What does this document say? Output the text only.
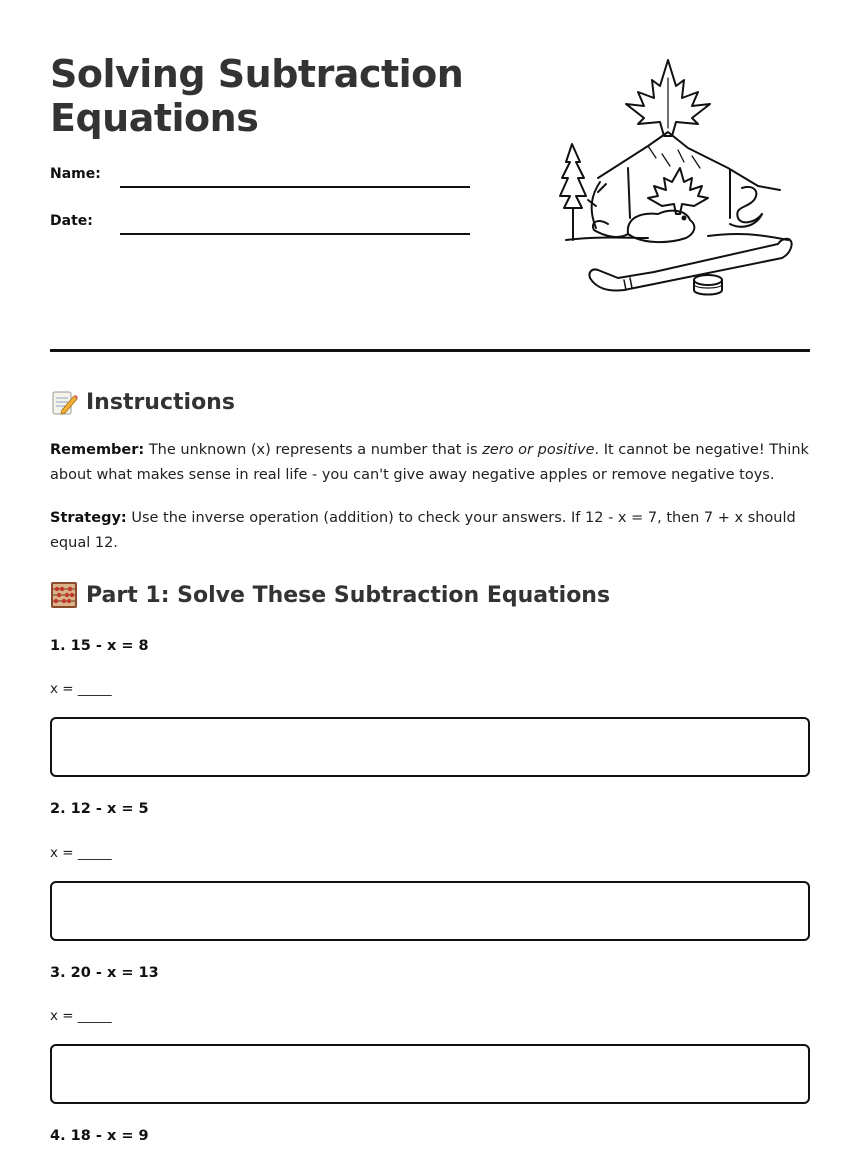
Solving Subtraction Equations
Name:
Date:
Instructions

Remember: The unknown (x) represents a number that is zero or positive. It cannot be negative! Think about what makes sense in real life - you can't give away negative apples or remove negative toys.

Strategy: Use the inverse operation (addition) to check your answers. If 12 - x = 7, then 7 + x should equal 12.

Part 1: Solve These Subtraction Equations

1. 15 - x = 8

x = _____

2. 12 - x = 5

x = _____

3. 20 - x = 13

x = _____

4. 18 - x = 9
